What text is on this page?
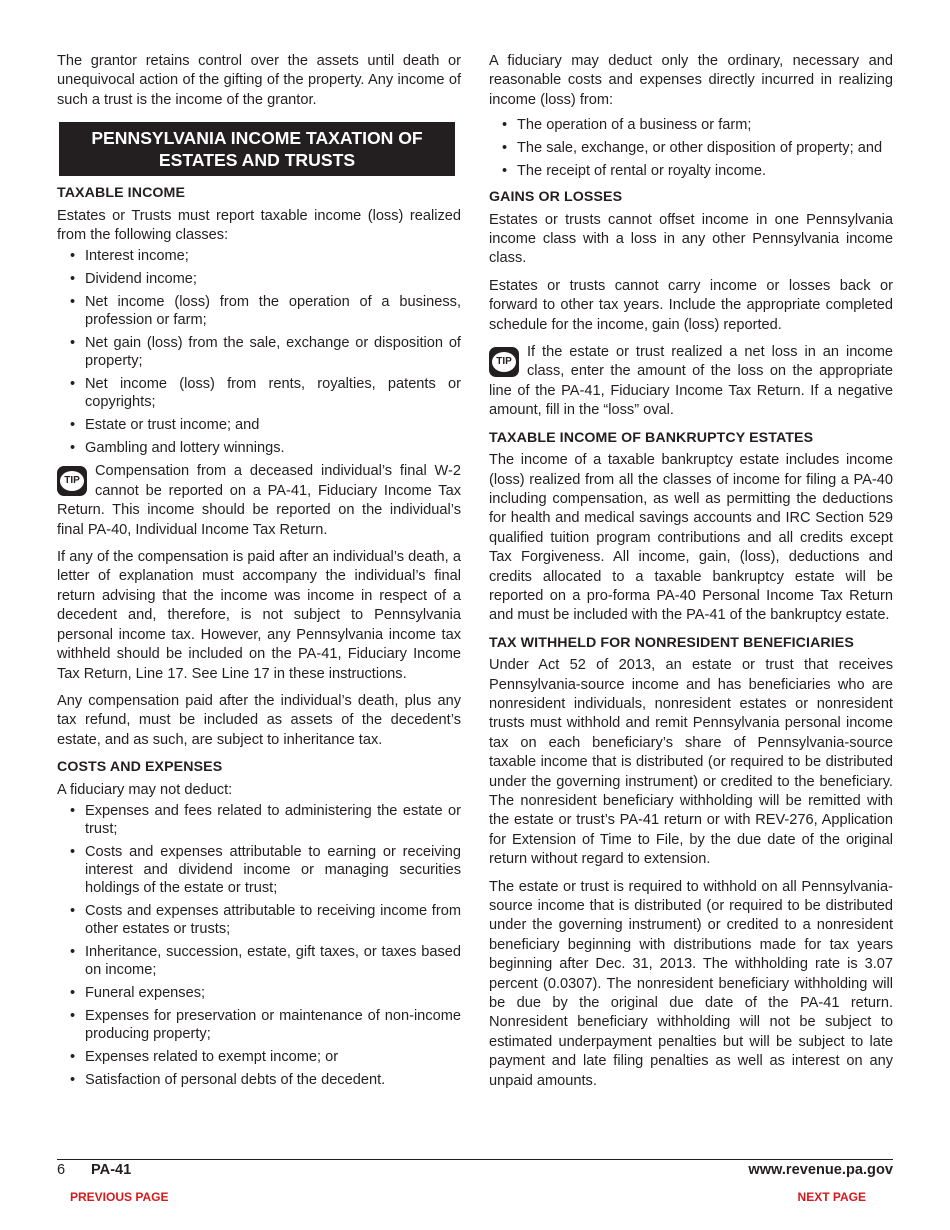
The grantor retains control over the assets until death or unequivocal action of the gifting of the property. Any income of such a trust is the income of the grantor.

PENNSYLVANIA INCOME TAXATION OF
ESTATES AND TRUSTS
TAXABLE INCOME

Estates or Trusts must report taxable income (loss) realized from the following classes:

• Interest income;
• Dividend income;
• Net income (loss) from the operation of a business, profession or farm;
• Net gain (loss) from the sale, exchange or disposition of property;
• Net income (loss) from rents, royalties, patents or copyrights;
• Estate or trust income; and
• Gambling and lottery winnings.
TIP
Compensation from a deceased individual’s final W-2 cannot be reported on a PA-41, Fiduciary Income Tax Return. This income should be reported on the individual’s final PA-40, Individual Income Tax Return.

If any of the compensation is paid after an individual’s death, a letter of explanation must accompany the individual’s final return advising that the income was income in respect of a decedent and, therefore, is not subject to Pennsylvania personal income tax. However, any Pennsylvania income tax withheld should be included on the PA-41, Fiduciary Income Tax Return, Line 17. See Line 17 in these instructions.

Any compensation paid after the individual’s death, plus any tax refund, must be included as assets of the decedent’s estate, and as such, are subject to inheritance tax.

COSTS AND EXPENSES

A fiduciary may not deduct:

• Expenses and fees related to administering the estate or trust;
• Costs and expenses attributable to earning or receiving interest and dividend income or managing securities holdings of the estate or trust;
• Costs and expenses attributable to receiving income from other estates or trusts;
• Inheritance, succession, estate, gift taxes, or taxes based on income;
• Funeral expenses;
• Expenses for preservation or maintenance of non-income producing property;
• Expenses related to exempt income; or
• Satisfaction of personal debts of the decedent.

A fiduciary may deduct only the ordinary, necessary and reasonable costs and expenses directly incurred in realizing income (loss) from:

• The operation of a business or farm;
• The sale, exchange, or other disposition of property; and
• The receipt of rental or royalty income.
GAINS OR LOSSES

Estates or trusts cannot offset income in one Pennsylvania income class with a loss in any other Pennsylvania income class.

Estates or trusts cannot carry income or losses back or forward to other tax years. Include the appropriate completed schedule for the income, gain (loss) reported.

TIP
If the estate or trust realized a net loss in an income class, enter the amount of the loss on the appropriate line of the PA-41, Fiduciary Income Tax Return. If a negative amount, fill in the “loss” oval.
TAXABLE INCOME OF BANKRUPTCY ESTATES

The income of a taxable bankruptcy estate includes income (loss) realized from all the classes of income for filing a PA-40 including compensation, as well as permitting the deductions for health and medical savings accounts and IRC Section 529 qualified tuition program contributions and all credits except Tax Forgiveness. All income, gain, (loss), deductions and credits allocated to a taxable bankruptcy estate will be reported on a pro-forma PA-40 Personal Income Tax Return and must be included with the PA-41 of the bankruptcy estate.

TAX WITHHELD FOR NONRESIDENT BENEFICIARIES

Under Act 52 of 2013, an estate or trust that receives Pennsylvania-source income and has beneficiaries who are nonresident individuals, nonresident estates or nonresident trusts must withhold and remit Pennsylvania personal income tax on each beneficiary’s share of Pennsylvania-source taxable income that is distributed (or required to be distributed under the governing instrument) or credited to the beneficiary. The nonresident beneficiary withholding will be remitted with the estate or trust’s PA-41 return or with REV-276, Application for Extension of Time to File, by the due date of the original return without regard to extension.

The estate or trust is required to withhold on all Pennsylvania-source income that is distributed (or required to be distributed under the governing instrument) or credited to a nonresident beneficiary beginning with distributions made for tax years beginning after Dec. 31, 2013. The withholding rate is 3.07 percent (0.0307). The nonresident beneficiary withholding will be due by the original due date of the PA-41 return. Nonresident beneficiary withholding will not be subject to estimated underpayment penalties but will be subject to late payment and late filing penalties as well as interest on any unpaid amounts.

6 PA-41	www.revenue.pa.gov
PREVIOUS PAGE	NEXT PAGE
